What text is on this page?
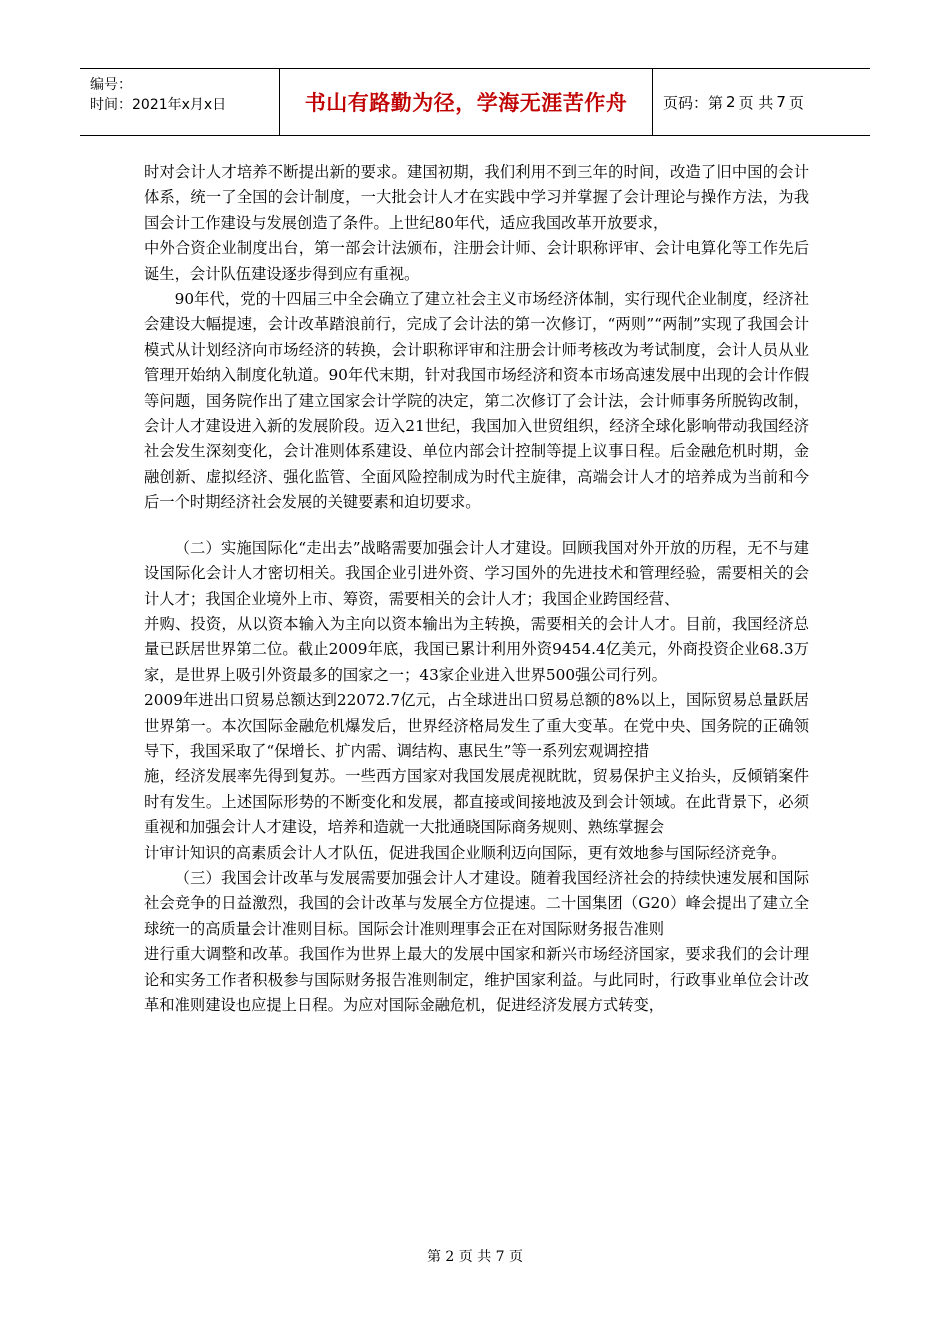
编号：
时间：2021年x月x日	书山有路勤为径，学海无涯苦作舟 页码：第 2 页 共 7 页

时对会计人才培养不断提出新的要求。建国初期，我们利用不到三年的时间，改造了旧中国的会计体系，统一了全国的会计制度，一大批会计人才在实践中学习并掌握了会计理论与操作方法，为我国会计工作建设与发展创造了条件。上世纪80年代，适应我国改革开放要求，

中外合资企业制度出台，第一部会计法颁布，注册会计师、会计职称评审、会计电算化等工作先后诞生，会计队伍建设逐步得到应有重视。

90年代，党的十四届三中全会确立了建立社会主义市场经济体制，实行现代企业制度，经济社会建设大幅提速，会计改革踏浪前行，完成了会计法的第一次修订，“两则”“两制”实现了我国会计模式从计划经济向市场经济的转换，会计职称评审和注册会计师考核改为考试制度，会计人员从业管理开始纳入制度化轨道。90年代末期，针对我国市场经济和资本市场高速发展中出现的会计作假等问题，国务院作出了建立国家会计学院的决定，第二次修订了会计法，会计师事务所脱钩改制，会计人才建设进入新的发展阶段。迈入21世纪，我国加入世贸组织，经济全球化影响带动我国经济社会发生深刻变化，会计准则体系建设、单位内部会计控制等提上议事日程。后金融危机时期，金融创新、虚拟经济、强化监管、全面风险控制成为时代主旋律，高端会计人才的培养成为当前和今后一个时期经济社会发展的关键要素和迫切要求。

（二）实施国际化“走出去”战略需要加强会计人才建设。回顾我国对外开放的历程，无不与建设国际化会计人才密切相关。我国企业引进外资、学习国外的先进技术和管理经验，需要相关的会计人才；我国企业境外上市、筹资，需要相关的会计人才；我国企业跨国经营、

并购、投资，从以资本输入为主向以资本输出为主转换，需要相关的会计人才。目前，我国经济总量已跃居世界第二位。截止2009年底，我国已累计利用外资9454.4亿美元，外商投资企业68.3万家，是世界上吸引外资最多的国家之一；43家企业进入世界500强公司行列。

2009年进出口贸易总额达到22072.7亿元，占全球进出口贸易总额的8%以上，国际贸易总量跃居世界第一。本次国际金融危机爆发后，世界经济格局发生了重大变革。在党中央、国务院的正确领导下，我国采取了“保增长、扩内需、调结构、惠民生”等一系列宏观调控措

施，经济发展率先得到复苏。一些西方国家对我国发展虎视眈眈，贸易保护主义抬头，反倾销案件时有发生。上述国际形势的不断变化和发展，都直接或间接地波及到会计领域。在此背景下，必须重视和加强会计人才建设，培养和造就一大批通晓国际商务规则、熟练掌握会

计审计知识的高素质会计人才队伍，促进我国企业顺利迈向国际，更有效地参与国际经济竞争。

（三）我国会计改革与发展需要加强会计人才建设。随着我国经济社会的持续快速发展和国际社会竞争的日益激烈，我国的会计改革与发展全方位提速。二十国集团（G20）峰会提出了建立全球统一的高质量会计准则目标。国际会计准则理事会正在对国际财务报告准则

进行重大调整和改革。我国作为世界上最大的发展中国家和新兴市场经济国家，要求我们的会计理论和实务工作者积极参与国际财务报告准则制定，维护国家利益。与此同时，行政事业单位会计改革和准则建设也应提上日程。为应对国际金融危机，促进经济发展方式转变，

第 2 页 共 7 页
